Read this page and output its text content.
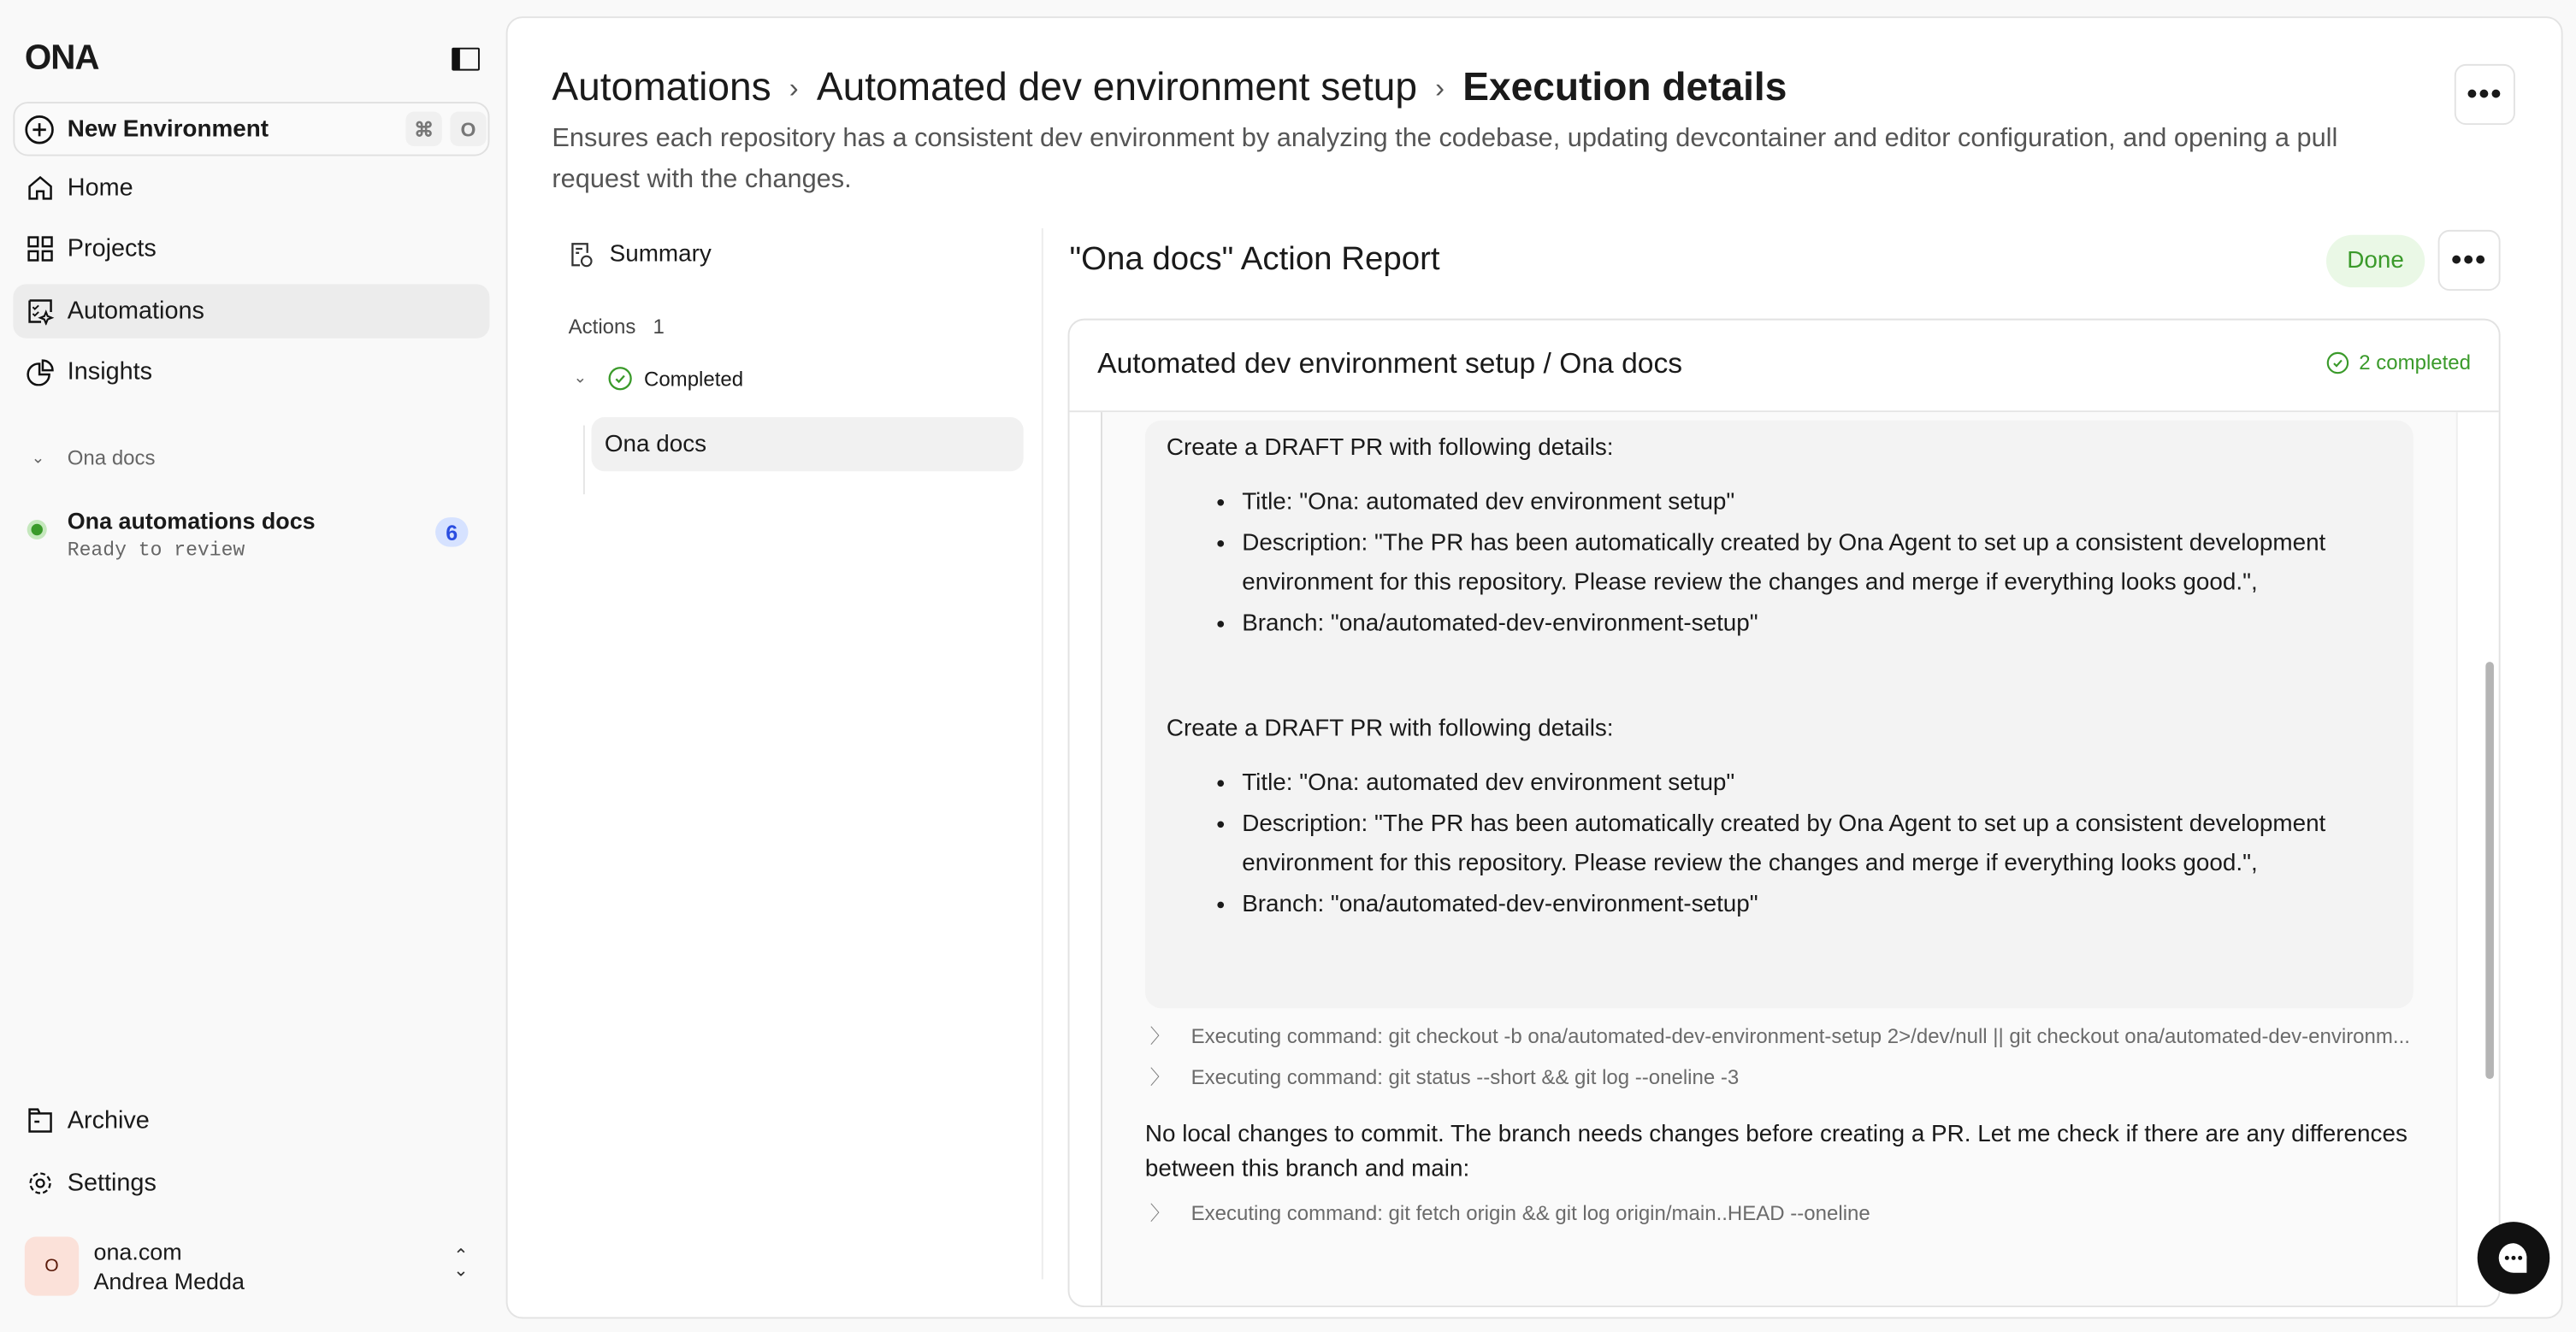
ONA
New Environment	⌘	O
Home
Projects
Automations
Insights
⌄	Ona docs
Ona automations docs
Ready to review
6
Archive
Settings
O
ona.com
Andrea Medda
⌃
⌄
Automations › Automated dev environment setup › Execution details
Ensures each repository has a consistent dev environment by analyzing the codebase, updating devcontainer and editor configuration, and opening a pull request with the changes.
•••
Summary
Actions 1
⌄	Completed
Ona docs
"Ona docs" Action Report	Done	•••
Automated dev environment setup / Ona docs	2 completed
Create a DRAFT PR with following details:
• Title: "Ona: automated dev environment setup"
• Description: "The PR has been automatically created by Ona Agent to set up a consistent development environment for this repository. Please review the changes and merge if everything looks good.",
• Branch: "ona/automated-dev-environment-setup"
Create a DRAFT PR with following details:
• Title: "Ona: automated dev environment setup"
• Description: "The PR has been automatically created by Ona Agent to set up a consistent development environment for this repository. Please review the changes and merge if everything looks good.",
• Branch: "ona/automated-dev-environment-setup"
〉	Executing command: git checkout -b ona/automated-dev-environment-setup 2>/dev/null || git checkout ona/automated-dev-environm...
〉	Executing command: git status --short && git log --oneline -3
No local changes to commit. The branch needs changes before creating a PR. Let me check if there are any differences between this branch and main:
〉	Executing command: git fetch origin && git log origin/main..HEAD --oneline
